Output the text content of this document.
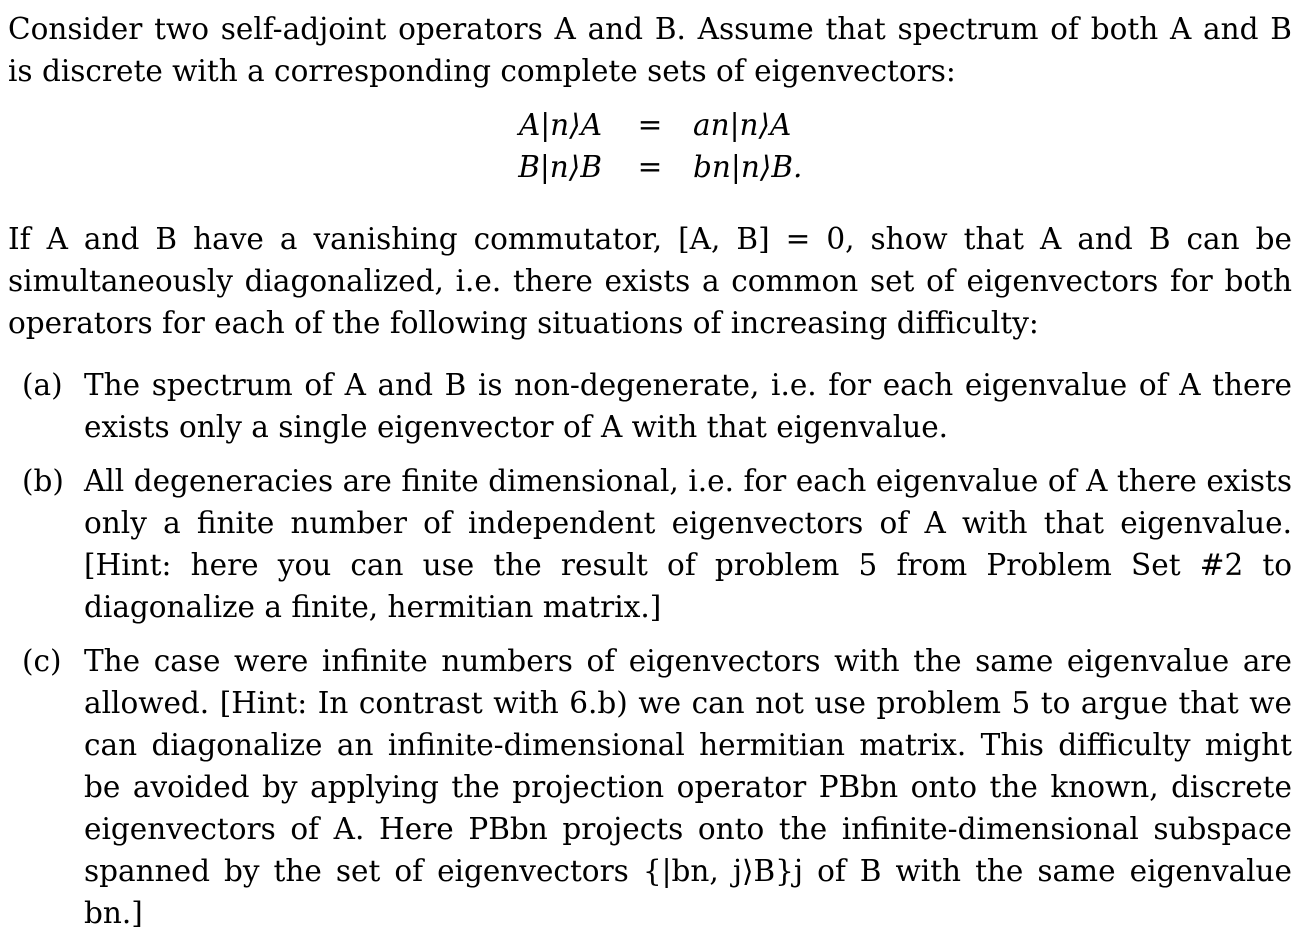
Consider two self-adjoint operators A and B. Assume that spectrum of both A and B is discrete with a corresponding complete sets of eigenvectors:

A|n⟩A = an|n⟩A
B|n⟩B = bn|n⟩B.

If A and B have a vanishing commutator, [A, B] = 0, show that A and B can be simultaneously diagonalized, i.e. there exists a common set of eigenvectors for both operators for each of the following situations of increasing difficulty:

(a) The spectrum of A and B is non-degenerate, i.e. for each eigenvalue of A there exists only a single eigenvector of A with that eigenvalue.
(b) All degeneracies are finite dimensional, i.e. for each eigenvalue of A there exists only a finite number of independent eigenvectors of A with that eigenvalue. [Hint: here you can use the result of problem 5 from Problem Set #2 to diagonalize a finite, hermitian matrix.]
(c) The case were infinite numbers of eigenvectors with the same eigenvalue are allowed. [Hint: In contrast with 6.b) we can not use problem 5 to argue that we can diagonalize an infinite-dimensional hermitian matrix. This difficulty might be avoided by applying the projection operator PBbn onto the known, discrete eigenvectors of A. Here PBbn projects onto the infinite-dimensional subspace spanned by the set of eigenvectors {|bn, j⟩B}j of B with the same eigenvalue bn.]
